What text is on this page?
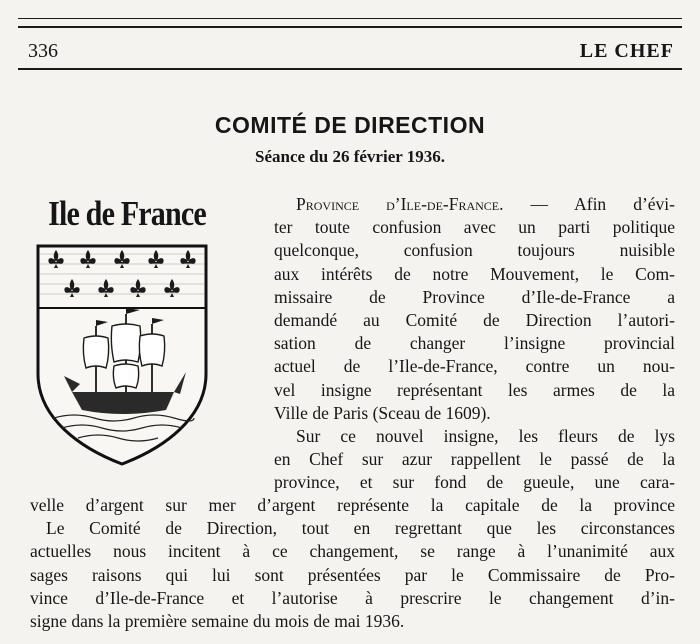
336	LE CHEF
COMITÉ DE DIRECTION
Séance du 26 février 1936.
Ile de France	Province d’Ile-de-France. — Afin d’évi-
ter toute confusion avec un parti politique
quelconque, confusion toujours nuisible
aux intérêts de notre Mouvement, le Com-
missaire de Province d’Ile-de-France a
demandé au Comité de Direction l’autori-
sation de changer l’insigne provincial
actuel de l’Ile-de-France, contre un nou-
vel insigne représentant les armes de la
Ville de Paris (Sceau de 1609).
Sur ce nouvel insigne, les fleurs de lys
en Chef sur azur rappellent le passé de la
province, et sur fond de gueule, une cara-
velle d’argent sur mer d’argent représente la capitale de la province
Le Comité de Direction, tout en regrettant que les circonstances
actuelles nous incitent à ce changement, se range à l’unanimité aux
sages raisons qui lui sont présentées par le Commissaire de Pro-
vince d’Ile-de-France et l’autorise à prescrire le changement d’in-
signe dans la première semaine du mois de mai 1936.
